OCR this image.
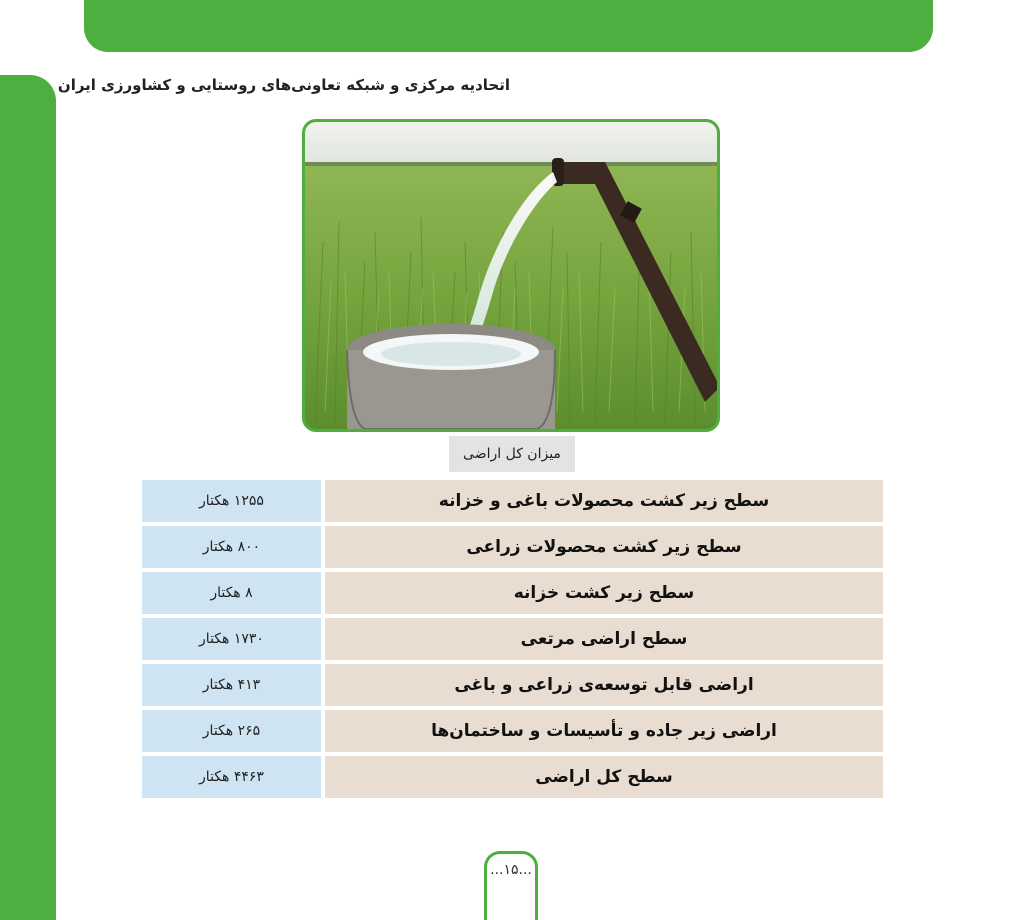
اتحادیه مرکزی و شبکه تعاونی‌های روستایی و کشاورزی ایران
میزان کل اراضی
سطح زیر کشت محصولات باغی و خزانه	۱۲۵۵ هکتار
سطح زیر کشت محصولات زراعی	۸۰۰ هکتار
سطح زیر کشت خزانه	۸ هکتار
سطح اراضی مرتعی	۱۷۳۰ هکتار
اراضی قابل توسعه‌ی زراعی و باغی	۴۱۳ هکتار
اراضی زیر جاده و تأسیسات و ساختمان‌ها	۲۶۵ هکتار
سطح کل اراضی	۴۴۶۳ هکتار
...۱۵...
